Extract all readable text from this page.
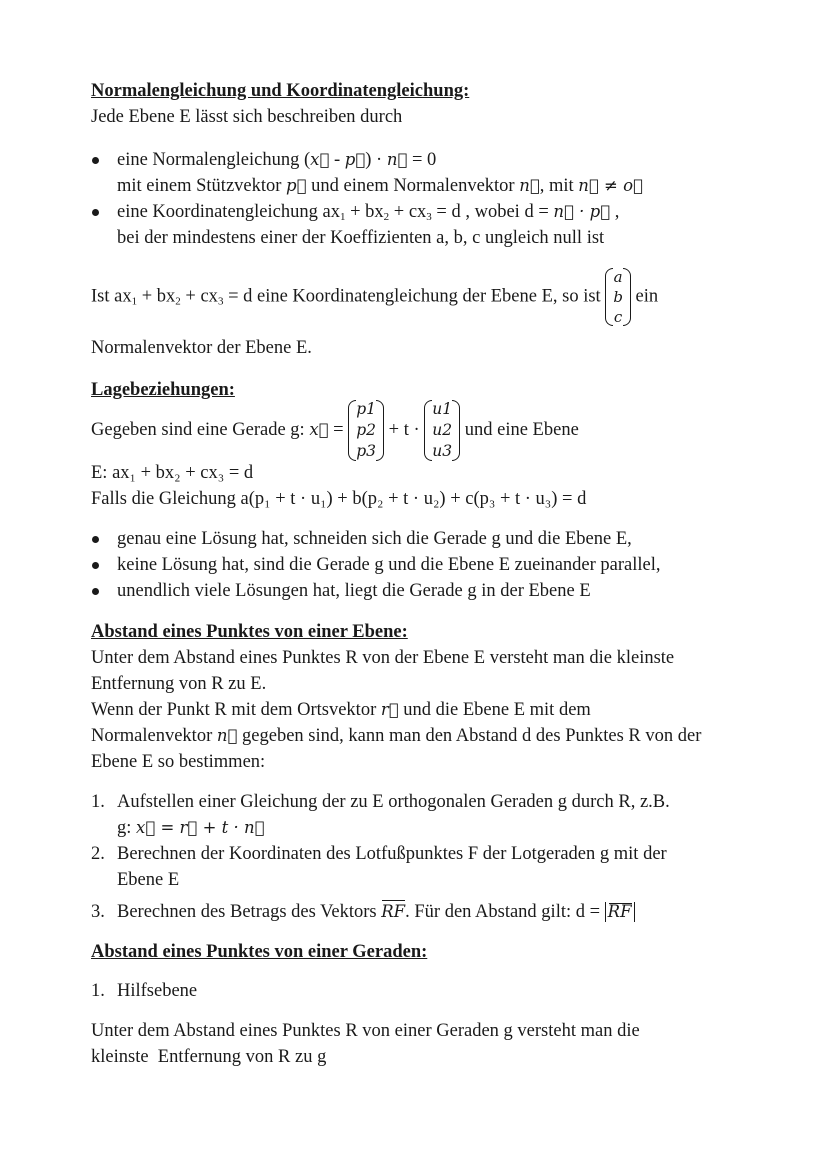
Normalengleichung und Koordinatengleichung:
Jede Ebene E lässt sich beschreiben durch
eine Normalengleichung (x⃗ - p⃗) · n⃗ = 0
mit einem Stützvektor p⃗ und einem Normalenvektor n⃗, mit n⃗ ≠ o⃗
eine Koordinatengleichung $ax_1 + bx_2 + cx_3 = d$ , wobei d = n⃗ · p⃗ ,
bei der mindestens einer der Koeffizienten a, b, c ungleich null ist
Ist $ax_1 + bx_2 + cx_3 = d$ eine Koordinatengleichung der Ebene E, so ist
a
b
c
ein
Normalenvektor der Ebene E.
Lagebeziehungen:
Gegeben sind eine Gerade g: x⃗ =
p1
p2
p3
+ t ·
u1
u2
u3
und eine Ebene
E: ax₁ + bx₂ + cx₃ = d
Falls die Gleichung a(p₁ + t · u₁) + b(p₂ + t · u₂) + c(p₃ + t · u₃) = d
genau eine Lösung hat, schneiden sich die Gerade g und die Ebene E,
keine Lösung hat, sind die Gerade g und die Ebene E zueinander parallel,
unendlich viele Lösungen hat, liegt die Gerade g in der Ebene E
Abstand eines Punktes von einer Ebene:
Unter dem Abstand eines Punktes R von der Ebene E versteht man die kleinste
Entfernung von R zu E.
Wenn der Punkt R mit dem Ortsvektor r⃗ und die Ebene E mit dem
Normalenvektor n⃗ gegeben sind, kann man den Abstand d des Punktes R von der
Ebene E so bestimmen:
1. Aufstellen einer Gleichung der zu E orthogonalen Geraden g durch R, z.B.
g: x⃗ = r⃗ + t · n⃗
2. Berechnen der Koordinaten des Lotfußpunktes F der Lotgeraden g mit der
Ebene E
3. Berechnen des Betrags des Vektors RF. Für den Abstand gilt: d = RF
Abstand eines Punktes von einer Geraden:
1. Hilfsebene
Unter dem Abstand eines Punktes R von einer Geraden g versteht man die
kleinste  Entfernung von R zu g
